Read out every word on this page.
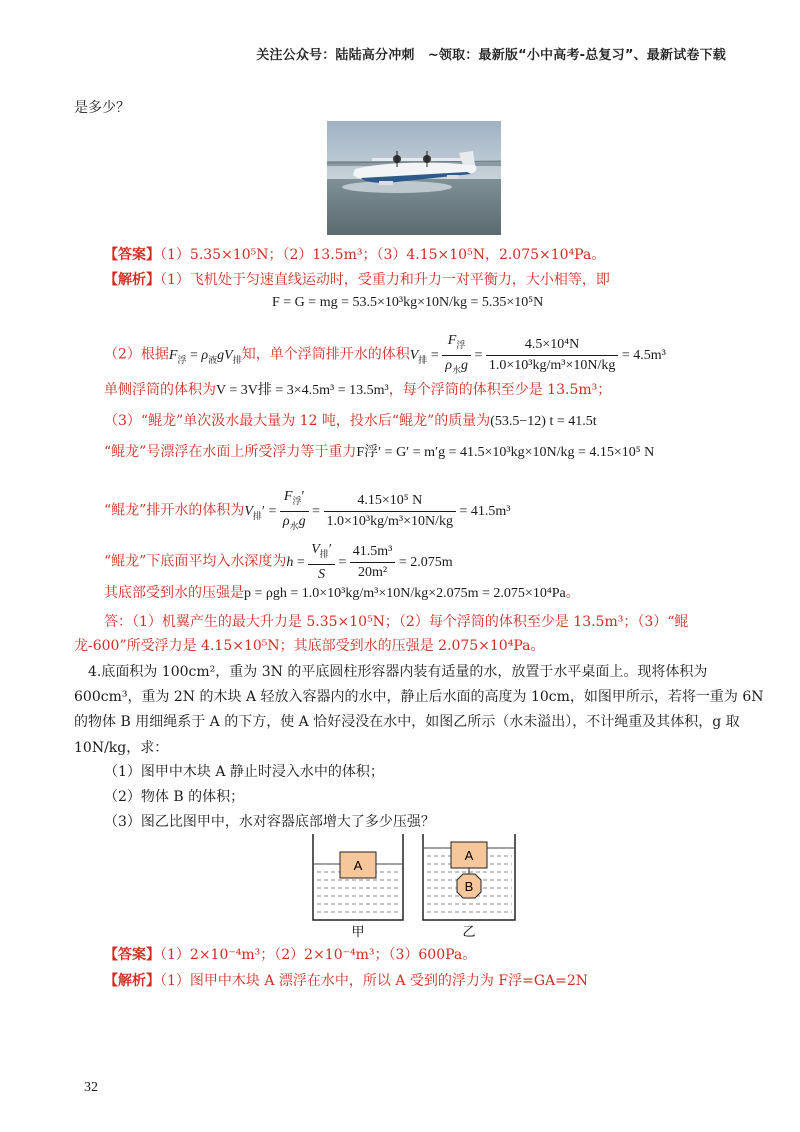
关注公众号：陆陆高分冲刺　~领取：最新版“小中高考-总复习”、最新试卷下载
是多少？
【答案】（1）5.35×10⁵N；（2）13.5m³；（3）4.15×10⁵N，2.075×10⁴Pa。
【解析】（1）飞机处于匀速直线运动时，受重力和升力一对平衡力，大小相等，即
F = G = mg = 53.5×10³kg×10N/kg = 5.35×10⁵N
（2）根据$F_浮 = \rho_液gV_排$知，单个浮筒排开水的体积$V_排 = \frac{F_浮}{\rho_水g} = \frac{\text{4.5×10⁴N}}{\text{1.0×10³kg/m³×10N/kg}} = 4.5m^3$
单侧浮筒的体积为V = 3V排 = 3×4.5m³ = 13.5m³，每个浮筒的体积至少是 13.5m³；
（3）“鲲龙”单次汲水最大量为 12 吨，投水后“鲲龙”的质量为(53.5−12) t = 41.5t
“鲲龙”号漂浮在水面上所受浮力等于重力F浮′ = G′ = m′g = 41.5×10³kg×10N/kg = 4.15×10⁵ N
“鲲龙”排开水的体积为$V_排' = \frac{F_浮'}{\rho_水g} = \frac{\text{4.15×10⁵ N}}{\text{1.0×10³kg/m³×10N/kg}} = 41.5m^3$
“鲲龙”下底面平均入水深度为$h = \frac{V_排'}{S} = \frac{\text{41.5m³}}{\text{20m²}} = 2.075m$
其底部受到水的压强是p = ρgh = 1.0×10³kg/m³×10N/kg×2.075m = 2.075×10⁴Pa。
答：（1）机翼产生的最大升力是 5.35×10⁵N；（2）每个浮筒的体积至少是 13.5m³；（3）“鲲
龙-600”所受浮力是 4.15×10⁵N；其底部受到水的压强是 2.075×10⁴Pa。
4.底面积为 100cm²，重为 3N 的平底圆柱形容器内装有适量的水，放置于水平桌面上。现将体积为
600cm³，重为 2N 的木块 A 轻放入容器内的水中，静止后水面的高度为 10cm，如图甲所示，若将一重为 6N
的物体 B 用细绳系于 A 的下方，使 A 恰好浸没在水中，如图乙所示（水未溢出），不计绳重及其体积，g 取
10N/kg，求：
（1）图甲中木块 A 静止时浸入水中的体积；
（2）物体 B 的体积；
（3）图乙比图甲中，水对容器底部增大了多少压强？
A
A
B
甲	乙
【答案】（1）2×10⁻⁴m³；（2）2×10⁻⁴m³；（3）600Pa。
【解析】（1）图甲中木块 A 漂浮在水中，所以 A 受到的浮力为 F浮=GA=2N
32
